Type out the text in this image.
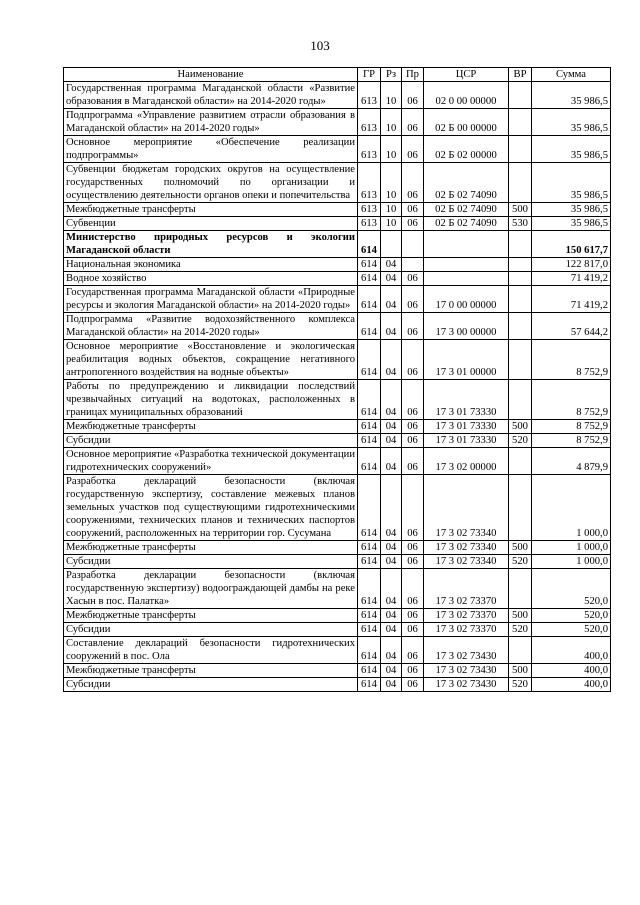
103
Наименование	ГР	Рз	Пр	ЦСР	ВР	Сумма
Государственная программа Магаданской области «Развитие образования в Магаданской области» на 2014-2020 годы»	613	10	06	02 0 00 00000		35 986,5
Подпрограмма «Управление развитием отрасли образования в Магаданской области» на 2014-2020 годы»	613	10	06	02 Б 00 00000		35 986,5
Основное мероприятие «Обеспечение реализации подпрограммы»	613	10	06	02 Б 02 00000		35 986,5
Субвенции бюджетам городских округов на осуществление государственных полномочий по организации и осуществлению деятельности органов опеки и попечительства	613	10	06	02 Б 02 74090		35 986,5
Межбюджетные трансферты	613	10	06	02 Б 02 74090	500	35 986,5
Субвенции	613	10	06	02 Б 02 74090	530	35 986,5
Министерство природных ресурсов и экологии Магаданской области	614					150 617,7
Национальная экономика	614	04				122 817,0
Водное хозяйство	614	04	06			71 419,2
Государственная программа Магаданской области «Природные ресурсы и экология Магаданской области» на 2014-2020 годы»	614	04	06	17 0 00 00000		71 419,2
Подпрограмма «Развитие водохозяйственного комплекса Магаданской области» на 2014-2020 годы»	614	04	06	17 3 00 00000		57 644,2
Основное мероприятие «Восстановление и экологическая реабилитация водных объектов, сокращение негативного антропогенного воздействия на водные объекты»	614	04	06	17 3 01 00000		8 752,9
Работы по предупреждению и ликвидации последствий чрезвычайных ситуаций на водотоках, расположенных в границах муниципальных образований	614	04	06	17 3 01 73330		8 752,9
Межбюджетные трансферты	614	04	06	17 3 01 73330	500	8 752,9
Субсидии	614	04	06	17 3 01 73330	520	8 752,9
Основное мероприятие «Разработка технической документации гидротехнических сооружений»	614	04	06	17 3 02 00000		4 879,9
Разработка деклараций безопасности (включая государственную экспертизу, составление межевых планов земельных участков под существующими гидротехническими сооружениями, технических планов и технических паспортов сооружений, расположенных на территории гор. Сусумана	614	04	06	17 3 02 73340		1 000,0
Межбюджетные трансферты	614	04	06	17 3 02 73340	500	1 000,0
Субсидии	614	04	06	17 3 02 73340	520	1 000,0
Разработка декларации безопасности (включая государственную экспертизу) водоограждающей дамбы на реке Хасын в пос. Палатка»	614	04	06	17 3 02 73370		520,0
Межбюджетные трансферты	614	04	06	17 3 02 73370	500	520,0
Субсидии	614	04	06	17 3 02 73370	520	520,0
Составление деклараций безопасности гидротехнических сооружений в пос. Ола	614	04	06	17 3 02 73430		400,0
Межбюджетные трансферты	614	04	06	17 3 02 73430	500	400,0
Субсидии	614	04	06	17 3 02 73430	520	400,0
